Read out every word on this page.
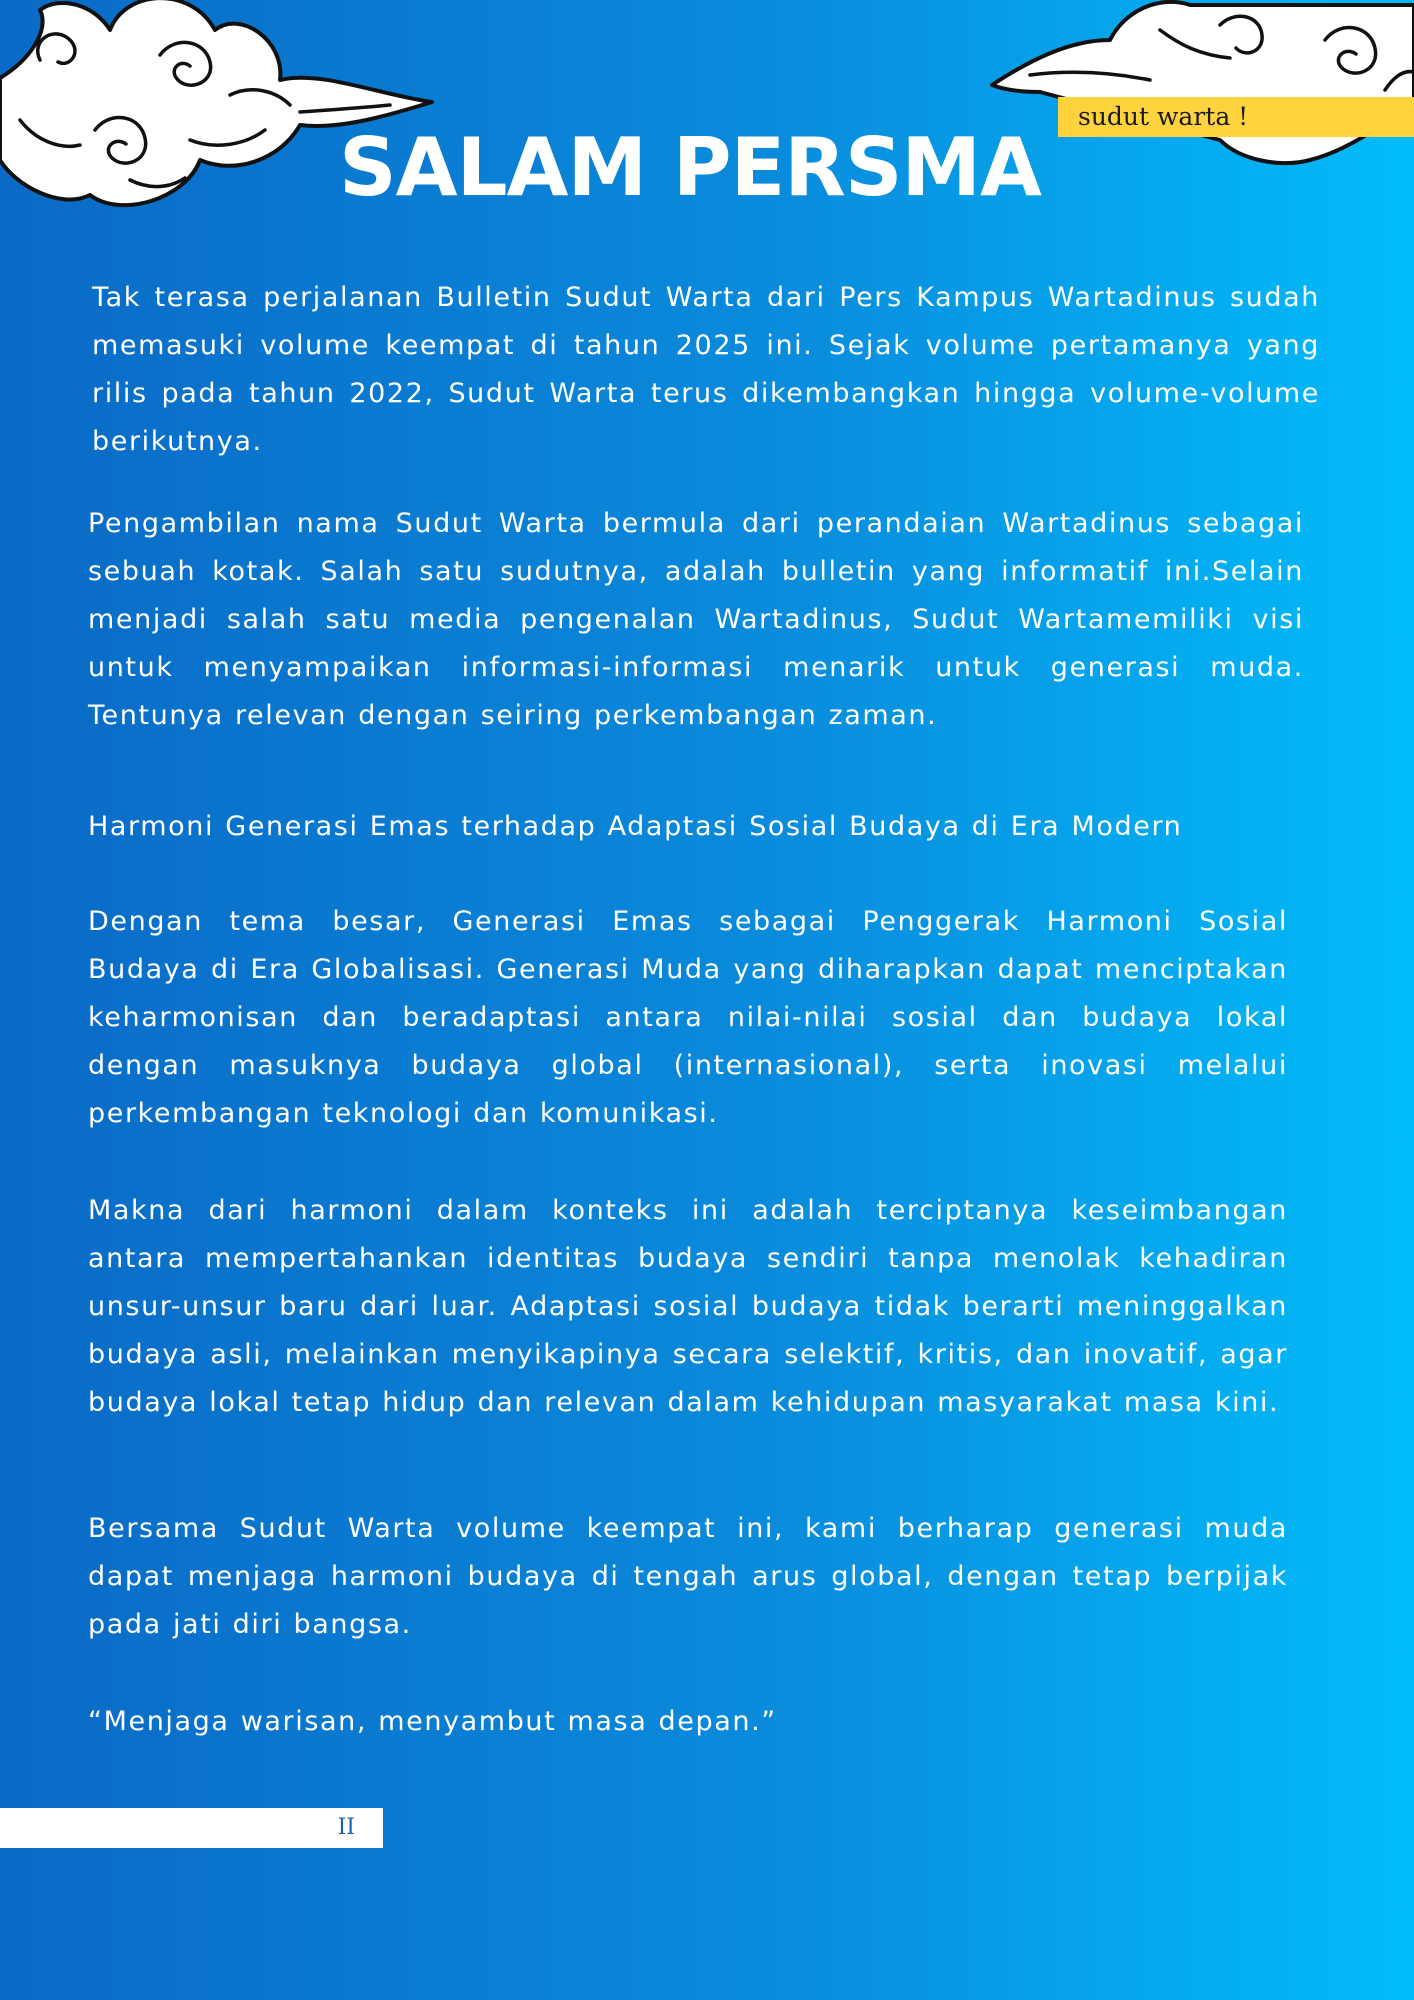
sudut warta !
SALAM PERSMA

Tak terasa perjalanan Bulletin Sudut Warta dari Pers Kampus Wartadinus sudah memasuki volume keempat di tahun 2025 ini. Sejak volume pertamanya yang rilis pada tahun 2022, Sudut Warta terus dikembangkan hingga volume-volume berikutnya.

Pengambilan nama Sudut Warta bermula dari perandaian Wartadinus sebagai sebuah kotak. Salah satu sudutnya, adalah bulletin yang informatif ini.Selain menjadi salah satu media pengenalan Wartadinus, Sudut Wartamemiliki visi untuk menyampaikan informasi-informasi menarik untuk generasi muda. Tentunya relevan dengan seiring perkembangan zaman.

Harmoni Generasi Emas terhadap Adaptasi Sosial Budaya di Era Modern

Dengan tema besar, Generasi Emas sebagai Penggerak Harmoni Sosial Budaya di Era Globalisasi. Generasi Muda yang diharapkan dapat menciptakan keharmonisan dan beradaptasi antara nilai-nilai sosial dan budaya lokal dengan masuknya budaya global (internasional), serta inovasi melalui perkembangan teknologi dan komunikasi.

Makna dari harmoni dalam konteks ini adalah terciptanya keseimbangan antara mempertahankan identitas budaya sendiri tanpa menolak kehadiran unsur-unsur baru dari luar. Adaptasi sosial budaya tidak berarti meninggalkan budaya asli, melainkan menyikapinya secara selektif, kritis, dan inovatif, agar budaya lokal tetap hidup dan relevan dalam kehidupan masyarakat masa kini.

Bersama Sudut Warta volume keempat ini, kami berharap generasi muda dapat menjaga harmoni budaya di tengah arus global, dengan tetap berpijak pada jati diri bangsa.

“Menjaga warisan, menyambut masa depan.”

II
